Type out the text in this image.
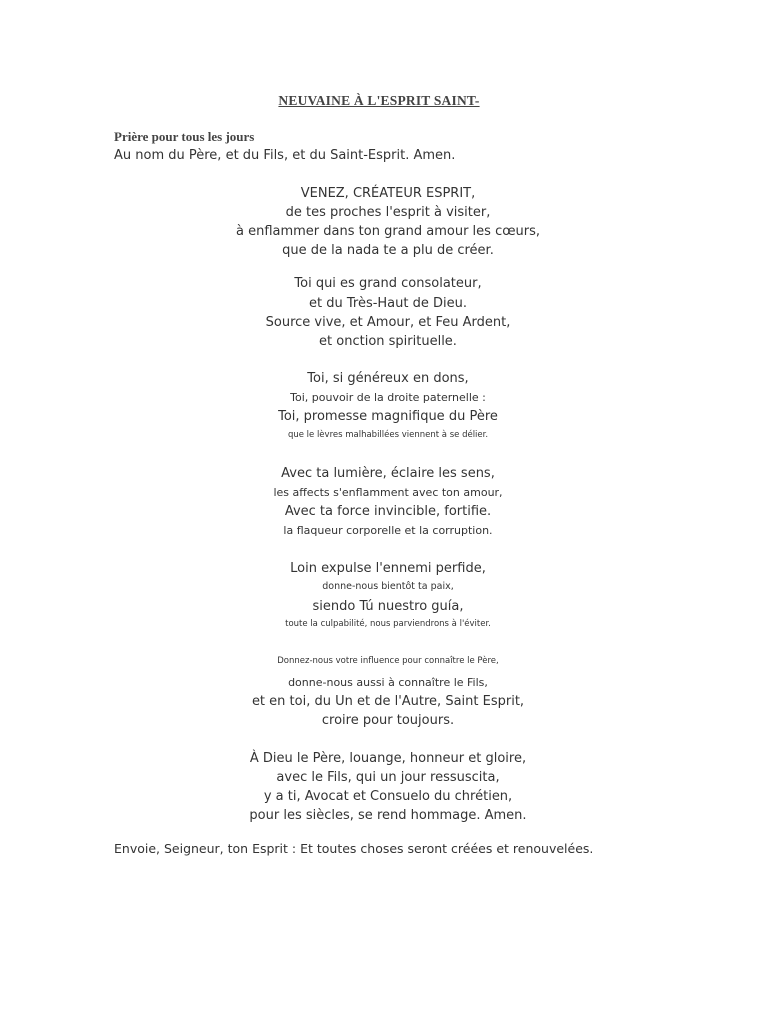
NEUVAINE À L'ESPRIT SAINT-
Prière pour tous les jours
Au nom du Père, et du Fils, et du Saint-Esprit. Amen.
VENEZ, CRÉATEUR ESPRIT,
de tes proches l'esprit à visiter,
à enflammer dans ton grand amour les cœurs,
que de la nada te a plu de créer.
Toi qui es grand consolateur,
et du Très-Haut de Dieu.
Source vive, et Amour, et Feu Ardent,
et onction spirituelle.
Toi, si généreux en dons,
Toi, pouvoir de la droite paternelle :
Toi, promesse magnifique du Père
que le lèvres malhabillées viennent à se délier.
Avec ta lumière, éclaire les sens,
les affects s'enflamment avec ton amour,
Avec ta force invincible, fortifie.
la flaqueur corporelle et la corruption.
Loin expulse l'ennemi perfide,
donne-nous bientôt ta paix,
siendo Tú nuestro guía,
toute la culpabilité, nous parviendrons à l'éviter.
Donnez-nous votre influence pour connaître le Père,
donne-nous aussi à connaître le Fils,
et en toi, du Un et de l'Autre, Saint Esprit,
croire pour toujours.
À Dieu le Père, louange, honneur et gloire,
avec le Fils, qui un jour ressuscita,
y a ti, Avocat et Consuelo du chrétien,
pour les siècles, se rend hommage. Amen.
Envoie, Seigneur, ton Esprit : Et toutes choses seront créées et renouvelées.
